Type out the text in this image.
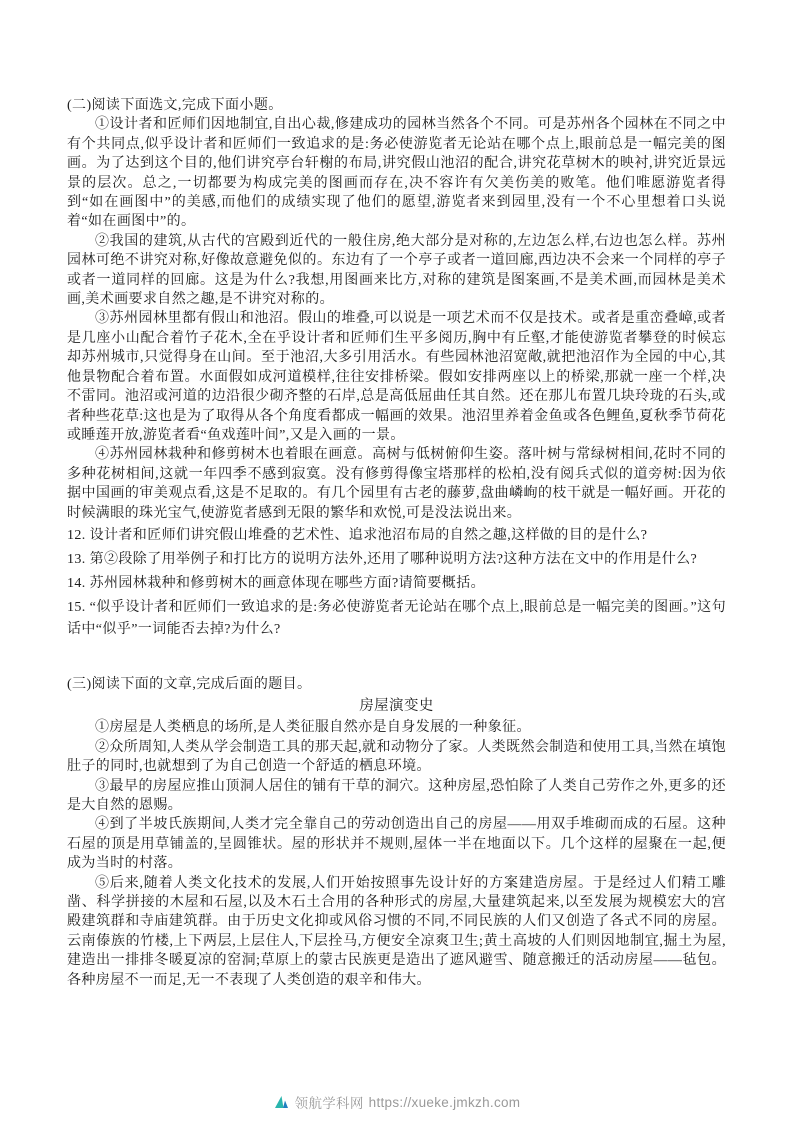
(二)阅读下面选文,完成下面小题。

①设计者和匠师们因地制宜,自出心裁,修建成功的园林当然各个不同。可是苏州各个园林在不同之中有个共同点,似乎设计者和匠师们一致追求的是:务必使游览者无论站在哪个点上,眼前总是一幅完美的图画。为了达到这个目的,他们讲究亭台轩榭的布局,讲究假山池沼的配合,讲究花草树木的映衬,讲究近景远景的层次。总之,一切都要为构成完美的图画而存在,决不容许有欠美伤美的败笔。他们唯愿游览者得到“如在画图中”的美感,而他们的成绩实现了他们的愿望,游览者来到园里,没有一个不心里想着口头说着“如在画图中”的。

②我国的建筑,从古代的宫殿到近代的一般住房,绝大部分是对称的,左边怎么样,右边也怎么样。苏州园林可绝不讲究对称,好像故意避免似的。东边有了一个亭子或者一道回廊,西边决不会来一个同样的亭子或者一道同样的回廊。这是为什么?我想,用图画来比方,对称的建筑是图案画,不是美术画,而园林是美术画,美术画要求自然之趣,是不讲究对称的。

③苏州园林里都有假山和池沼。假山的堆叠,可以说是一项艺术而不仅是技术。或者是重峦叠嶂,或者是几座小山配合着竹子花木,全在乎设计者和匠师们生平多阅历,胸中有丘壑,才能使游览者攀登的时候忘却苏州城市,只觉得身在山间。至于池沼,大多引用活水。有些园林池沼宽敞,就把池沼作为全园的中心,其他景物配合着布置。水面假如成河道模样,往往安排桥梁。假如安排两座以上的桥梁,那就一座一个样,决不雷同。池沼或河道的边沿很少砌齐整的石岸,总是高低屈曲任其自然。还在那儿布置几块玲珑的石头,或者种些花草:这也是为了取得从各个角度看都成一幅画的效果。池沼里养着金鱼或各色鲤鱼,夏秋季节荷花或睡莲开放,游览者看“鱼戏莲叶间”,又是入画的一景。

④苏州园林栽种和修剪树木也着眼在画意。高树与低树俯仰生姿。落叶树与常绿树相间,花时不同的多种花树相间,这就一年四季不感到寂寞。没有修剪得像宝塔那样的松柏,没有阅兵式似的道旁树:因为依据中国画的审美观点看,这是不足取的。有几个园里有古老的藤萝,盘曲嶙峋的枝干就是一幅好画。开花的时候满眼的珠光宝气,使游览者感到无限的繁华和欢悦,可是没法说出来。

12. 设计者和匠师们讲究假山堆叠的艺术性、追求池沼布局的自然之趣,这样做的目的是什么?

13. 第②段除了用举例子和打比方的说明方法外,还用了哪种说明方法?这种方法在文中的作用是什么?

14. 苏州园林栽种和修剪树木的画意体现在哪些方面?请简要概括。

15. “似乎设计者和匠师们一致追求的是:务必使游览者无论站在哪个点上,眼前总是一幅完美的图画。”这句话中“似乎”一词能否去掉?为什么?

(三)阅读下面的文章,完成后面的题目。

房屋演变史

①房屋是人类栖息的场所,是人类征服自然亦是自身发展的一种象征。

②众所周知,人类从学会制造工具的那天起,就和动物分了家。人类既然会制造和使用工具,当然在填饱肚子的同时,也就想到了为自己创造一个舒适的栖息环境。

③最早的房屋应推山顶洞人居住的铺有干草的洞穴。这种房屋,恐怕除了人类自己劳作之外,更多的还是大自然的恩赐。

④到了半坡氏族期间,人类才完全靠自己的劳动创造出自己的房屋——用双手堆砌而成的石屋。这种石屋的顶是用草铺盖的,呈圆锥状。屋的形状并不规则,屋体一半在地面以下。几个这样的屋聚在一起,便成为当时的村落。

⑤后来,随着人类文化技术的发展,人们开始按照事先设计好的方案建造房屋。于是经过人们精工雕凿、科学拼接的木屋和石屋,以及木石土合用的各种形式的房屋,大量建筑起来,以至发展为规模宏大的宫殿建筑群和寺庙建筑群。由于历史文化抑或风俗习惯的不同,不同民族的人们又创造了各式不同的房屋。云南傣族的竹楼,上下两层,上层住人,下层拴马,方便安全凉爽卫生;黄土高坡的人们则因地制宜,掘土为屋,建造出一排排冬暖夏凉的窑洞;草原上的蒙古民族更是造出了遮风避雪、随意搬迁的活动房屋——毡包。各种房屋不一而足,无一不表现了人类创造的艰辛和伟大。

领航学科网 https://xueke.jmkzh.com
